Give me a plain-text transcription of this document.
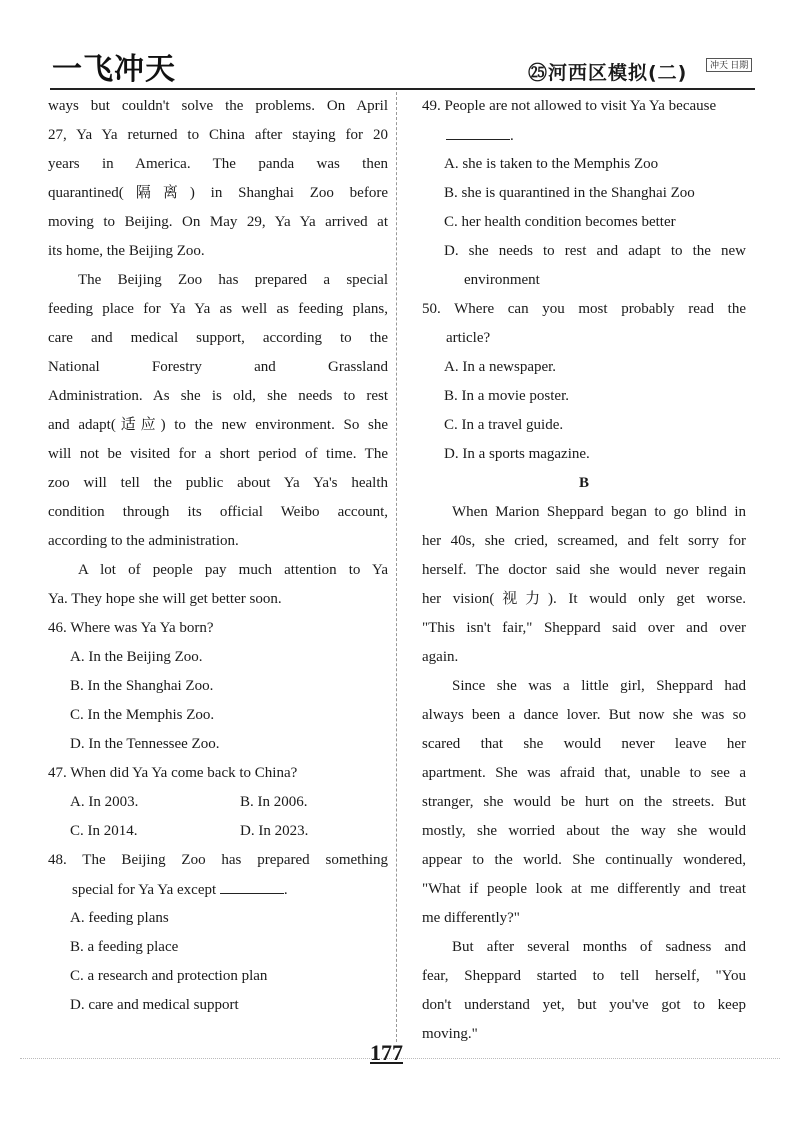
一飞冲天	㉕河西区模拟(二)	冲天 日期
ways but couldn't solve the problems. On April
27, Ya Ya returned to China after staying for 20
years in America. The panda was then
quarantined(隔离) in Shanghai Zoo before
moving to Beijing. On May 29, Ya Ya arrived at
its home, the Beijing Zoo.
The Beijing Zoo has prepared a special
feeding place for Ya Ya as well as feeding plans,
care and medical support, according to the
National Forestry and Grassland
Administration. As she is old, she needs to rest
and adapt(适应) to the new environment. So she
will not be visited for a short period of time. The
zoo will tell the public about Ya Ya's health
condition through its official Weibo account,
according to the administration.
A lot of people pay much attention to Ya
Ya. They hope she will get better soon.
46. Where was Ya Ya born?
A. In the Beijing Zoo.
B. In the Shanghai Zoo.
C. In the Memphis Zoo.
D. In the Tennessee Zoo.
47. When did Ya Ya come back to China?
A. In 2003.	B. In 2006.
C. In 2014.	D. In 2023.
48. The Beijing Zoo has prepared something
special for Ya Ya except	.
A. feeding plans
B. a feeding place
C. a research and protection plan
D. care and medical support
49. People are not allowed to visit Ya Ya because
.
A. she is taken to the Memphis Zoo
B. she is quarantined in the Shanghai Zoo
C. her health condition becomes better
D. she needs to rest and adapt to the new
environment
50. Where can you most probably read the
article?
A. In a newspaper.
B. In a movie poster.
C. In a travel guide.
D. In a sports magazine.
B
When Marion Sheppard began to go blind in
her 40s, she cried, screamed, and felt sorry for
herself. The doctor said she would never regain
her vision(视力). It would only get worse.
"This isn't fair," Sheppard said over and over
again.
Since she was a little girl, Sheppard had
always been a dance lover. But now she was so
scared that she would never leave her
apartment. She was afraid that, unable to see a
stranger, she would be hurt on the streets. But
mostly, she worried about the way she would
appear to the world. She continually wondered,
"What if people look at me differently and treat
me differently?"
But after several months of sadness and
fear, Sheppard started to tell herself, "You
don't understand yet, but you've got to keep
moving."
177
